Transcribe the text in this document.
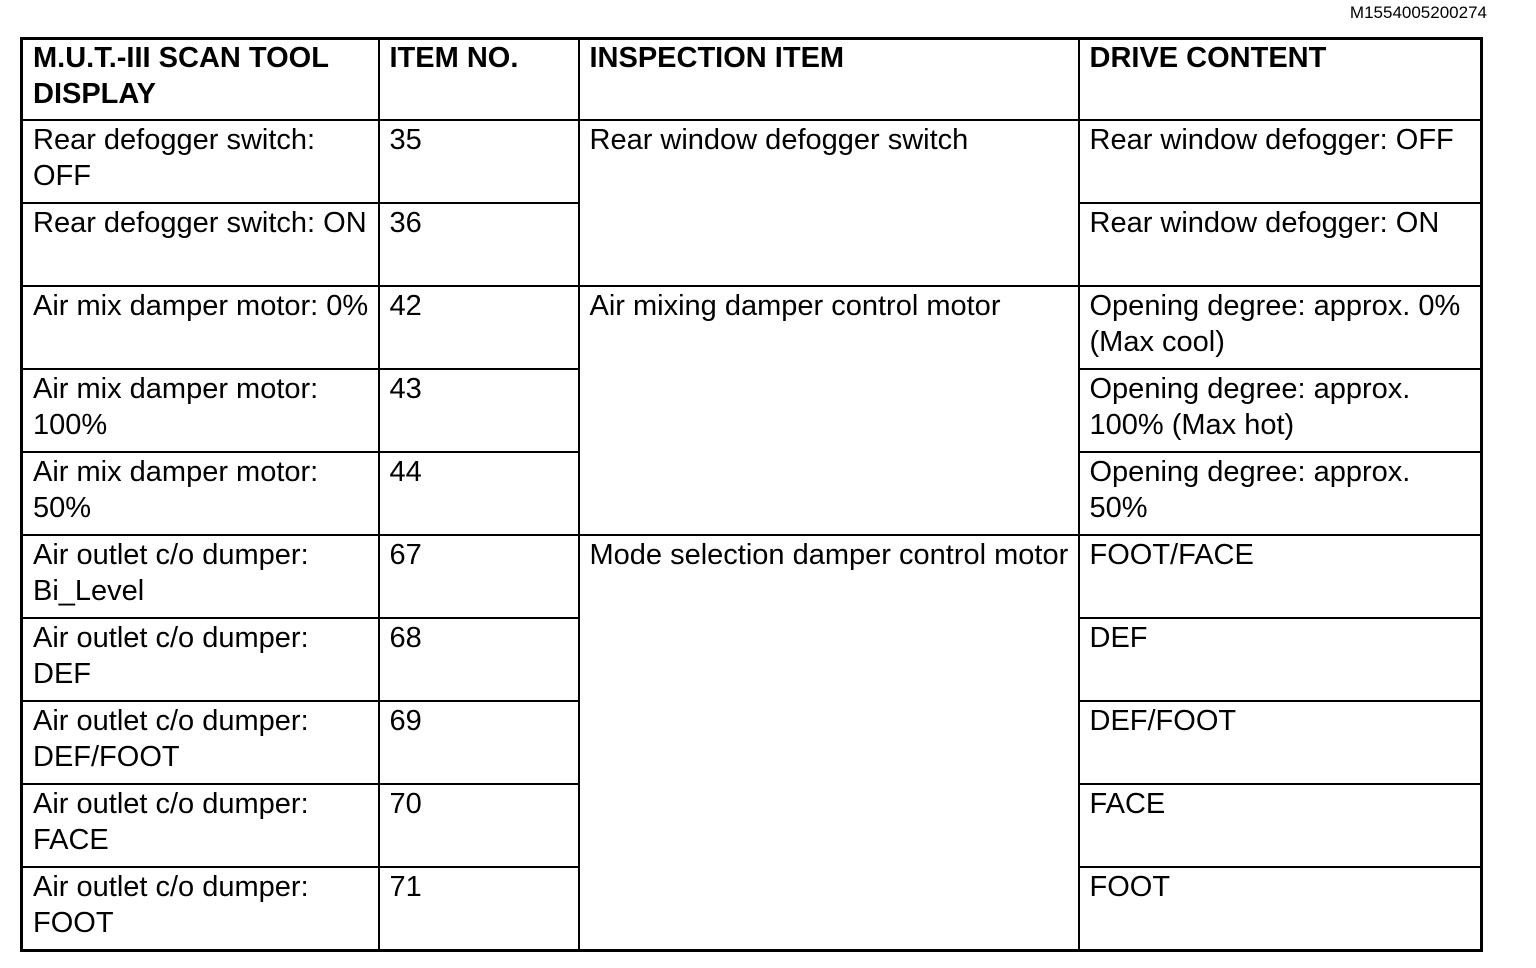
M1554005200274
M.U.T.-III SCAN TOOL DISPLAY	ITEM NO.	INSPECTION ITEM	DRIVE CONTENT
Rear defogger switch: OFF	35	Rear window defogger switch	Rear window defogger: OFF
Rear defogger switch: ON	36		Rear window defogger: ON
Air mix damper motor: 0%	42	Air mixing damper control motor	Opening degree: approx. 0% (Max cool)
Air mix damper motor: 100%	43		Opening degree: approx. 100% (Max hot)
Air mix damper motor: 50%	44		Opening degree: approx. 50%
Air outlet c/o dumper: Bi_Level	67	Mode selection damper control motor	FOOT/FACE
Air outlet c/o dumper: DEF	68		DEF
Air outlet c/o dumper: DEF/FOOT	69		DEF/FOOT
Air outlet c/o dumper: FACE	70		FACE
Air outlet c/o dumper: FOOT	71		FOOT
